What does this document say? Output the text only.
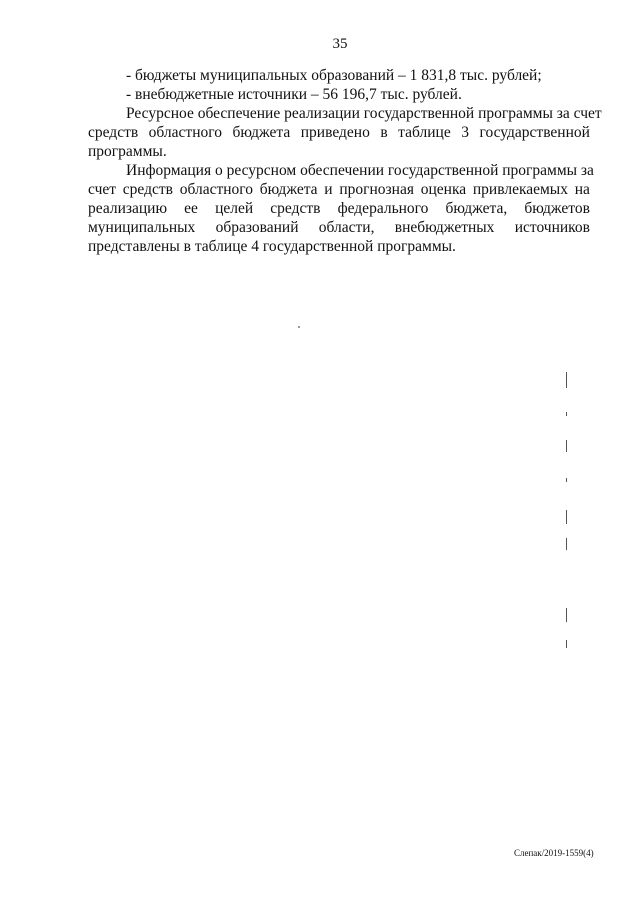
35
- бюджеты муниципальных образований – 1 831,8 тыс. рублей;
- внебюджетные источники – 56 196,7 тыс. рублей.
Ресурсное обеспечение реализации государственной программы за счет
средств областного бюджета приведено в таблице 3 государственной
программы.
Информация о ресурсном обеспечении государственной программы за
счет средств областного бюджета и прогнозная оценка привлекаемых на
реализацию ее целей средств федерального бюджета, бюджетов
муниципальных образований области, внебюджетных источников
представлены в таблице 4 государственной программы.
Слепак/2019-1559(4)
